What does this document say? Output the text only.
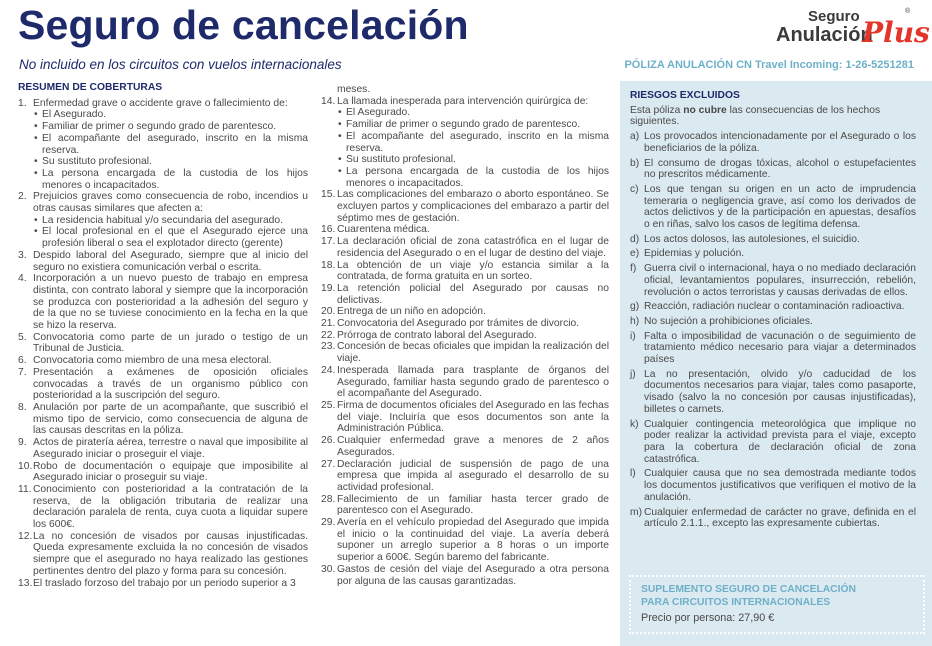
Seguro de cancelación
No incluido en los circuitos con vuelos internacionales
Seguro
Anulación
Plus
®
PÓLIZA ANULACIÓN CN Travel Incoming: 1-26-5251281
RESUMEN DE COBERTURAS
1. Enfermedad grave o accidente grave o fallecimiento de:
• El Asegurado.
• Familiar de primer o segundo grado de parentesco.
• El acompañante del asegurado, inscrito en la misma reserva.
• Su sustituto profesional.
• La persona encargada de la custodia de los hijos menores o incapacitados.
2. Prejuicios graves como consecuencia de robo, incendios u otras causas similares que afecten a:
• La residencia habitual y/o secundaria del asegurado.
• El local profesional en el que el Asegurado ejerce una profesión liberal o sea el explotador directo (gerente)
3. Despido laboral del Asegurado, siempre que al inicio del seguro no existiera comunicación verbal o escrita.
4. Incorporación a un nuevo puesto de trabajo en empresa distinta, con contrato laboral y siempre que la incorporación se produzca con posterioridad a la adhesión del seguro y de la que no se tuviese conocimiento en la fecha en la que se hizo la reserva.
5. Convocatoria como parte de un jurado o testigo de un Tribunal de Justicia.
6. Convocatoria como miembro de una mesa electoral.
7. Presentación a exámenes de oposición oficiales convocadas a través de un organismo público con posterioridad a la suscripción del seguro.
8. Anulación por parte de un acompañante, que suscribió el mismo tipo de servicio, como consecuencia de alguna de las causas descritas en la póliza.
9. Actos de piratería aérea, terrestre o naval que imposibilite al Asegurado iniciar o proseguir el viaje.
10. Robo de documentación o equipaje que imposibilite al Asegurado iniciar o proseguir su viaje.
11. Conocimiento con posterioridad a la contratación de la reserva, de la obligación tributaria de realizar una declaración paralela de renta, cuya cuota a liquidar supere los 600€.
12. La no concesión de visados por causas injustificadas. Queda expresamente excluida la no concesión de visados siempre que el asegurado no haya realizado las gestiones pertinentes dentro del plazo y forma para su concesión.
13. El traslado forzoso del trabajo por un periodo superior a 3
meses.
14. La llamada inesperada para intervención quirúrgica de:
• El Asegurado.
• Familiar de primer o segundo grado de parentesco.
• El acompañante del asegurado, inscrito en la misma reserva.
• Su sustituto profesional.
• La persona encargada de la custodia de los hijos menores o incapacitados.
15. Las complicaciones del embarazo o aborto espontáneo. Se excluyen partos y complicaciones del embarazo a partir del séptimo mes de gestación.
16. Cuarentena médica.
17. La declaración oficial de zona catastrófica en el lugar de residencia del Asegurado o en el lugar de destino del viaje.
18. La obtención de un viaje y/o estancia similar a la contratada, de forma gratuita en un sorteo.
19. La retención policial del Asegurado por causas no delictivas.
20. Entrega de un niño en adopción.
21. Convocatoria del Asegurado por trámites de divorcio.
22. Prórroga de contrato laboral del Asegurado.
23. Concesión de becas oficiales que impidan la realización del viaje.
24. Inesperada llamada para trasplante de órganos del Asegurado, familiar hasta segundo grado de parentesco o el acompañante del Asegurado.
25. Firma de documentos oficiales del Asegurado en las fechas del viaje. Incluiría que esos documentos son ante la Administración Pública.
26. Cualquier enfermedad grave a menores de 2 años Asegurados.
27. Declaración judicial de suspensión de pago de una empresa que impida al asegurado el desarrollo de su actividad profesional.
28. Fallecimiento de un familiar hasta tercer grado de parentesco con el Asegurado.
29. Avería en el vehículo propiedad del Asegurado que impida el inicio o la continuidad del viaje. La avería deberá suponer un arreglo superior a 8 horas o un importe superior a 600€. Según baremo del fabricante.
30. Gastos de cesión del viaje del Asegurado a otra persona por alguna de las causas garantizadas.
RIESGOS EXCLUIDOS
Esta póliza no cubre las consecuencias de los hechos siguientes.
a) Los provocados intencionadamente por el Asegurado o los beneficiarios de la póliza.
b) El consumo de drogas tóxicas, alcohol o estupefacientes no prescritos médicamente.
c) Los que tengan su origen en un acto de imprudencia temeraria o negligencia grave, así como los derivados de actos delictivos y de la participación en apuestas, desafíos o en riñas, salvo los casos de legítima defensa.
d) Los actos dolosos, las autolesiones, el suicidio.
e) Epidemias y polución.
f) Guerra civil o internacional, haya o no mediado declaración oficial, levantamientos populares, insurrección, rebelión, revolución o actos terroristas y causas derivadas de ellos.
g) Reacción, radiación nuclear o contaminación radioactiva.
h) No sujeción a prohibiciones oficiales.
i) Falta o imposibilidad de vacunación o de seguimiento de tratamiento médico necesario para viajar a determinados países
j) La no presentación, olvido y/o caducidad de los documentos necesarios para viajar, tales como pasaporte, visado (salvo la no concesión por causas injustificadas), billetes o carnets.
k) Cualquier contingencia meteorológica que implique no poder realizar la actividad prevista para el viaje, excepto para la cobertura de declaración oficial de zona catastrófica.
l) Cualquier causa que no sea demostrada mediante todos los documentos justificativos que verifiquen el motivo de la anulación.
m) Cualquier enfermedad de carácter no grave, definida en el artículo 2.1.1., excepto las expresamente cubiertas.
SUPLEMENTO SEGURO DE CANCELACIÓN
PARA CIRCUITOS INTERNACIONALES
Precio por persona: 27,90 €
